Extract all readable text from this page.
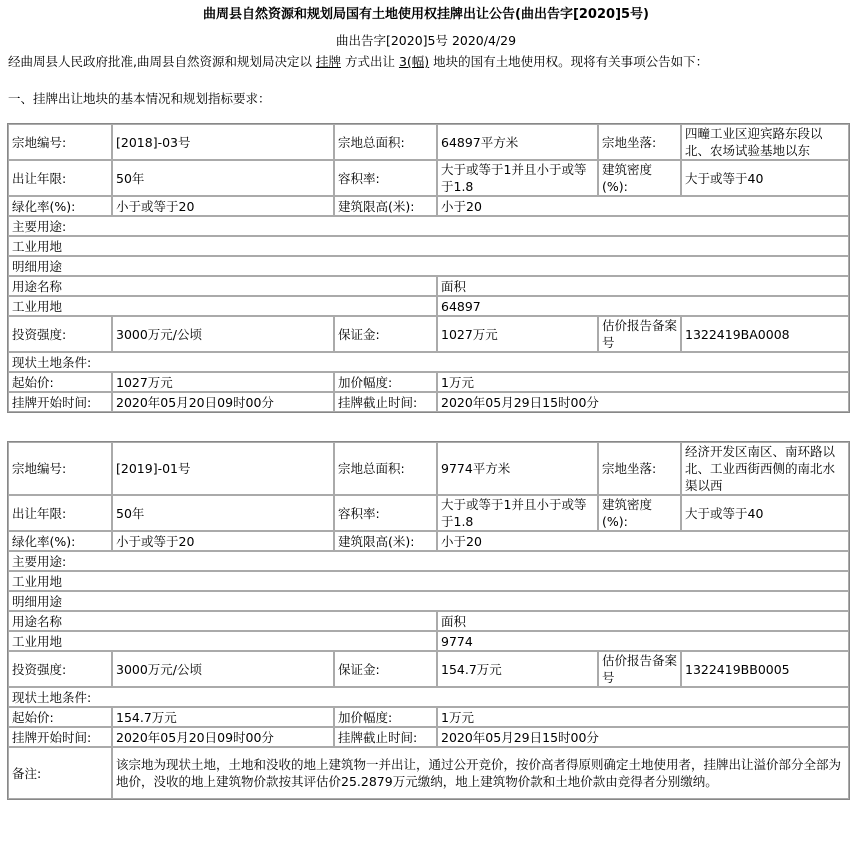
曲周县自然资源和规划局国有土地使用权挂牌出让公告(曲出告字[2020]5号)
曲出告字[2020]5号 2020/4/29
经曲周县人民政府批准,曲周县自然资源和规划局决定以 挂牌 方式出让 3(幅) 地块的国有土地使用权。现将有关事项公告如下：
一、挂牌出让地块的基本情况和规划指标要求：
宗地编号:	[2018]-03号	宗地总面积:	64897平方米	宗地坐落:	四疃工业区迎宾路东段以北、农场试验基地以东
出让年限:	50年	容积率:	大于或等于1并且小于或等于1.8	建筑密度(%):	大于或等于40
绿化率(%):	小于或等于20	建筑限高(米):	小于20		
主要用途:					
工业用地					
明细用途					
用途名称			面积		
工业用地			64897		
投资强度:	3000万元/公顷	保证金:	1027万元	估价报告备案号	1322419BA0008
现状土地条件:					
起始价:	1027万元	加价幅度:	1万元		
挂牌开始时间:	2020年05月20日09时00分	挂牌截止时间:	2020年05月29日15时00分		
宗地编号:	[2019]-01号	宗地总面积:	9774平方米	宗地坐落:	经济开发区南区、南环路以北、工业西街西侧的南北水渠以西
出让年限:	50年	容积率:	大于或等于1并且小于或等于1.8	建筑密度(%):	大于或等于40
绿化率(%):	小于或等于20	建筑限高(米):	小于20		
主要用途:					
工业用地					
明细用途					
用途名称			面积		
工业用地			9774		
投资强度:	3000万元/公顷	保证金:	154.7万元	估价报告备案号	1322419BB0005
现状土地条件:					
起始价:	154.7万元	加价幅度:	1万元		
挂牌开始时间:	2020年05月20日09时00分	挂牌截止时间:	2020年05月29日15时00分		
备注:	该宗地为现状土地，土地和没收的地上建筑物一并出让，通过公开竞价，按价高者得原则确定土地使用者，挂牌出让溢价部分全部为地价，没收的地上建筑物价款按其评估价25.2879万元缴纳，地上建筑物价款和土地价款由竞得者分别缴纳。				
